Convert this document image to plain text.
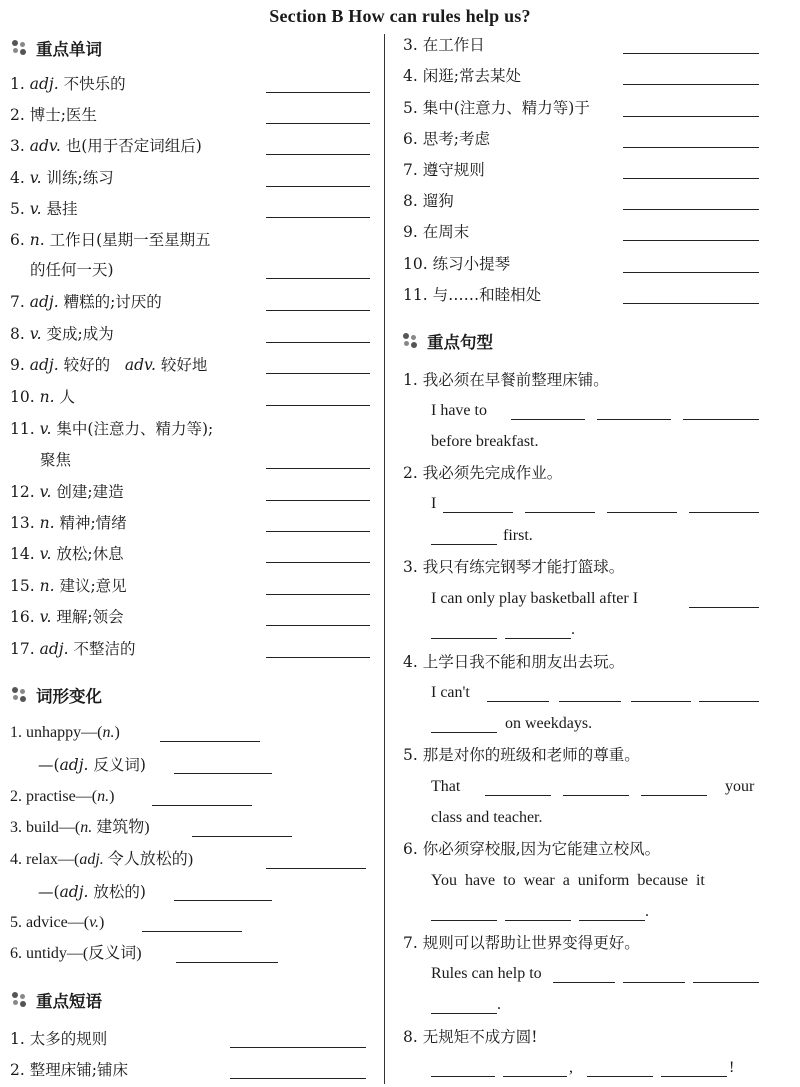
Section B How can rules help us?
重点单词
1. adj. 不快乐的
2. 博士;医生
3. adv. 也(用于否定词组后)
4. v. 训练;练习
5. v. 悬挂
6. n. 工作日(星期一至星期五
的任何一天)
7. adj. 糟糕的;讨厌的
8. v. 变成;成为
9. adj. 较好的 adv. 较好地
10. n. 人
11. v. 集中(注意力、精力等);
聚焦
12. v. 创建;建造
13. n. 精神;情绪
14. v. 放松;休息
15. n. 建议;意见
16. v. 理解;领会
17. adj. 不整洁的
词形变化
1. unhappy—(n.)
—(adj. 反义词)
2. practise—(n.)
3. build—(n. 建筑物)
4. relax—(adj. 令人放松的)
—(adj. 放松的)
5. advice—(v.)
6. untidy—(反义词)
重点短语
1. 太多的规则
2. 整理床铺;铺床
3. 在工作日
4. 闲逛;常去某处
5. 集中(注意力、精力等)于
6. 思考;考虑
7. 遵守规则
8. 遛狗
9. 在周末
10. 练习小提琴
11. 与……和睦相处
重点句型
1. 我必须在早餐前整理床铺。
I have to
before breakfast.
2. 我必须先完成作业。
I
first.
3. 我只有练完钢琴才能打篮球。
I can only play basketball after I
.
4. 上学日我不能和朋友出去玩。
I can't
on weekdays.
5. 那是对你的班级和老师的尊重。
That	your
class and teacher.
6. 你必须穿校服,因为它能建立校风。
You  have  to  wear  a  uniform  because  it
.
7. 规则可以帮助让世界变得更好。
Rules can help to
.
8. 无规矩不成方圆!
,	!
